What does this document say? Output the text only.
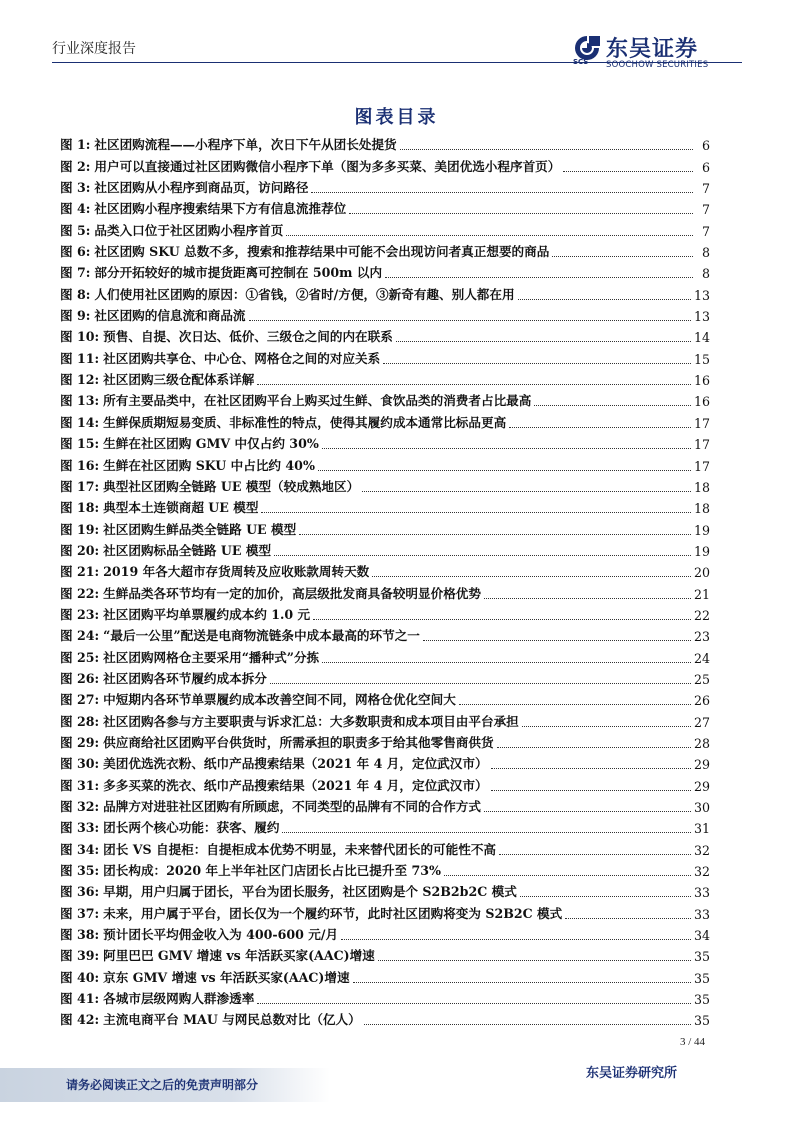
行业深度报告
SCS 东吴证券
SOOCHOW SECURITIES
图表目录
图 1: 社区团购流程——小程序下单，次日下午从团长处提货	6
图 2: 用户可以直接通过社区团购微信小程序下单（图为多多买菜、美团优选小程序首页）	6
图 3: 社区团购从小程序到商品页，访问路径	7
图 4: 社区团购小程序搜索结果下方有信息流推荐位	7
图 5: 品类入口位于社区团购小程序首页	7
图 6: 社区团购 SKU 总数不多，搜索和推荐结果中可能不会出现访问者真正想要的商品	8
图 7: 部分开拓较好的城市提货距离可控制在 500m 以内	8
图 8: 人们使用社区团购的原因：①省钱，②省时/方便，③新奇有趣、别人都在用	13
图 9: 社区团购的信息流和商品流	13
图 10: 预售、自提、次日达、低价、三级仓之间的内在联系	14
图 11: 社区团购共享仓、中心仓、网格仓之间的对应关系	15
图 12: 社区团购三级仓配体系详解	16
图 13: 所有主要品类中，在社区团购平台上购买过生鲜、食饮品类的消费者占比最高	16
图 14: 生鲜保质期短易变质、非标准性的特点，使得其履约成本通常比标品更高	17
图 15: 生鲜在社区团购 GMV 中仅占约 30%	17
图 16: 生鲜在社区团购 SKU 中占比约 40%	17
图 17: 典型社区团购全链路 UE 模型（较成熟地区）	18
图 18: 典型本土连锁商超 UE 模型	18
图 19: 社区团购生鲜品类全链路 UE 模型	19
图 20: 社区团购标品全链路 UE 模型	19
图 21: 2019 年各大超市存货周转及应收账款周转天数	20
图 22: 生鲜品类各环节均有一定的加价，高层级批发商具备较明显价格优势	21
图 23: 社区团购平均单票履约成本约 1.0 元	22
图 24: “最后一公里”配送是电商物流链条中成本最高的环节之一	23
图 25: 社区团购网格仓主要采用“播种式”分拣	24
图 26: 社区团购各环节履约成本拆分	25
图 27: 中短期内各环节单票履约成本改善空间不同，网格仓优化空间大	26
图 28: 社区团购各参与方主要职责与诉求汇总：大多数职责和成本项目由平台承担	27
图 29: 供应商给社区团购平台供货时，所需承担的职责多于给其他零售商供货	28
图 30: 美团优选洗衣粉、纸巾产品搜索结果（2021 年 4 月，定位武汉市）	29
图 31: 多多买菜的洗衣、纸巾产品搜索结果（2021 年 4 月，定位武汉市）	29
图 32: 品牌方对进驻社区团购有所顾虑，不同类型的品牌有不同的合作方式	30
图 33: 团长两个核心功能：获客、履约	31
图 34: 团长 VS 自提柜：自提柜成本优势不明显，未来替代团长的可能性不高	32
图 35: 团长构成：2020 年上半年社区门店团长占比已提升至 73%	32
图 36: 早期，用户归属于团长，平台为团长服务，社区团购是个 S2B2b2C 模式	33
图 37: 未来，用户属于平台，团长仅为一个履约环节，此时社区团购将变为 S2B2C 模式	33
图 38: 预计团长平均佣金收入为 400-600 元/月	34
图 39: 阿里巴巴 GMV 增速 vs 年活跃买家(AAC)增速	35
图 40: 京东 GMV 增速 vs 年活跃买家(AAC)增速	35
图 41: 各城市层级网购人群渗透率	35
图 42: 主流电商平台 MAU 与网民总数对比（亿人）	35
3 / 44
请务必阅读正文之后的免责声明部分
东吴证券研究所
